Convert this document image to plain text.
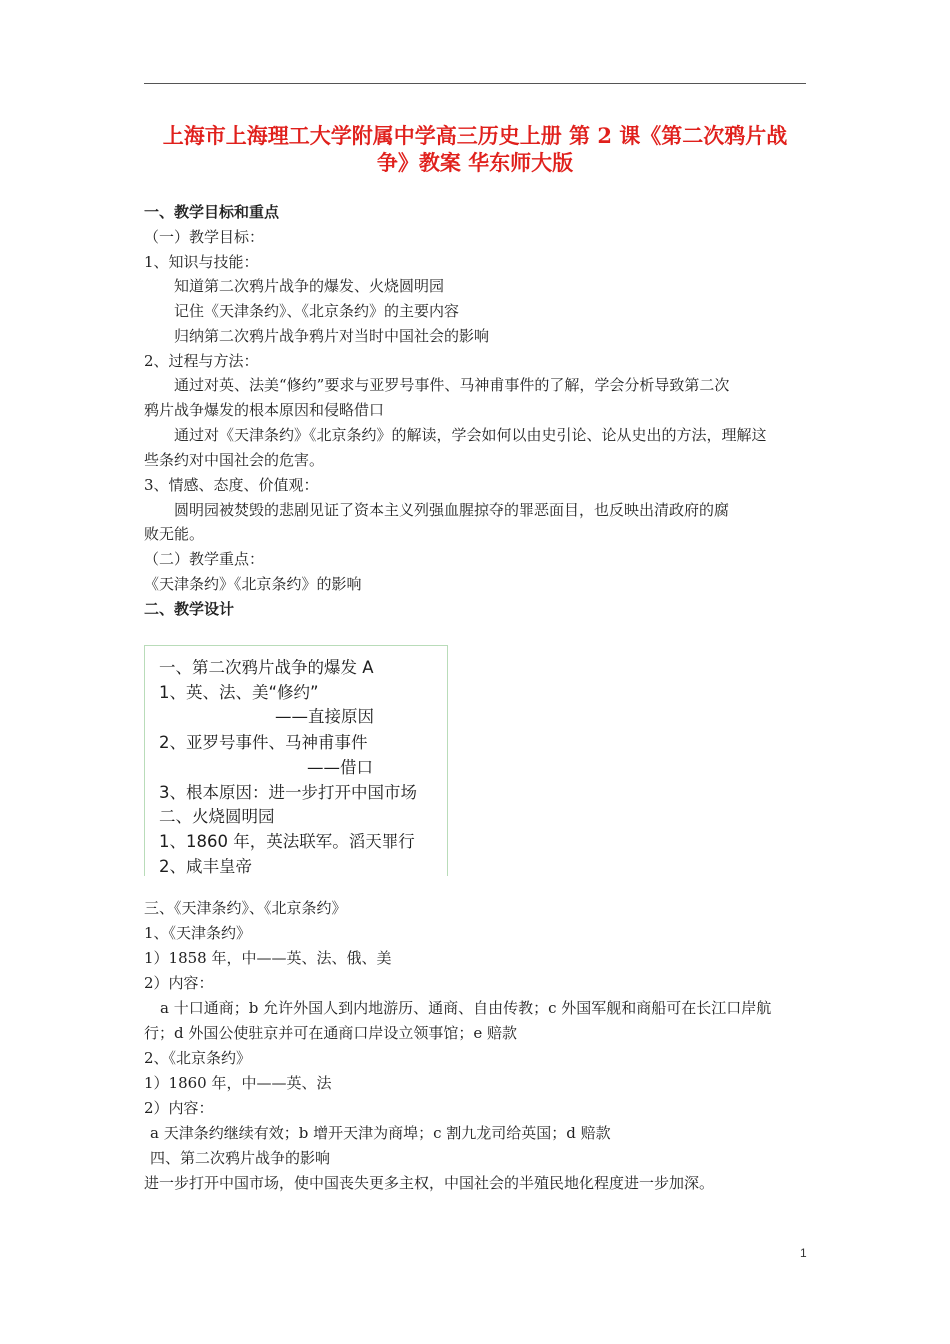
上海市上海理工大学附属中学高三历史上册 第 2 课《第二次鸦片战
争》教案 华东师大版
一、教学目标和重点
（一）教学目标：
1、知识与技能：
知道第二次鸦片战争的爆发、火烧圆明园
记住《天津条约》、《北京条约》的主要内容
归纳第二次鸦片战争鸦片对当时中国社会的影响
2、过程与方法：
通过对英、法美“修约”要求与亚罗号事件、马神甫事件的了解，学会分析导致第二次
鸦片战争爆发的根本原因和侵略借口
通过对《天津条约》《北京条约》的解读，学会如何以由史引论、论从史出的方法，理解这
些条约对中国社会的危害。
3、情感、态度、价值观：
圆明园被焚毁的悲剧见证了资本主义列强血腥掠夺的罪恶面目，也反映出清政府的腐
败无能。
（二）教学重点：
《天津条约》《北京条约》的影响
二、教学设计
一、第二次鸦片战争的爆发 A
1、英、法、美“修约”
——直接原因
2、亚罗号事件、马神甫事件
——借口
3、根本原因：进一步打开中国市场
二、火烧圆明园
1、1860 年，英法联军。滔天罪行
2、咸丰皇帝
三、《天津条约》、《北京条约》
1、《天津条约》
1）1858 年，中——英、法、俄、美
2）内容：
a 十口通商；b 允许外国人到内地游历、通商、自由传教；c 外国军舰和商船可在长江口岸航
行；d 外国公使驻京并可在通商口岸设立领事馆；e 赔款
2、《北京条约》
1）1860 年，中——英、法
2）内容：
a 天津条约继续有效；b 增开天津为商埠；c 割九龙司给英国；d 赔款
四、第二次鸦片战争的影响
进一步打开中国市场，使中国丧失更多主权，中国社会的半殖民地化程度进一步加深。
1
